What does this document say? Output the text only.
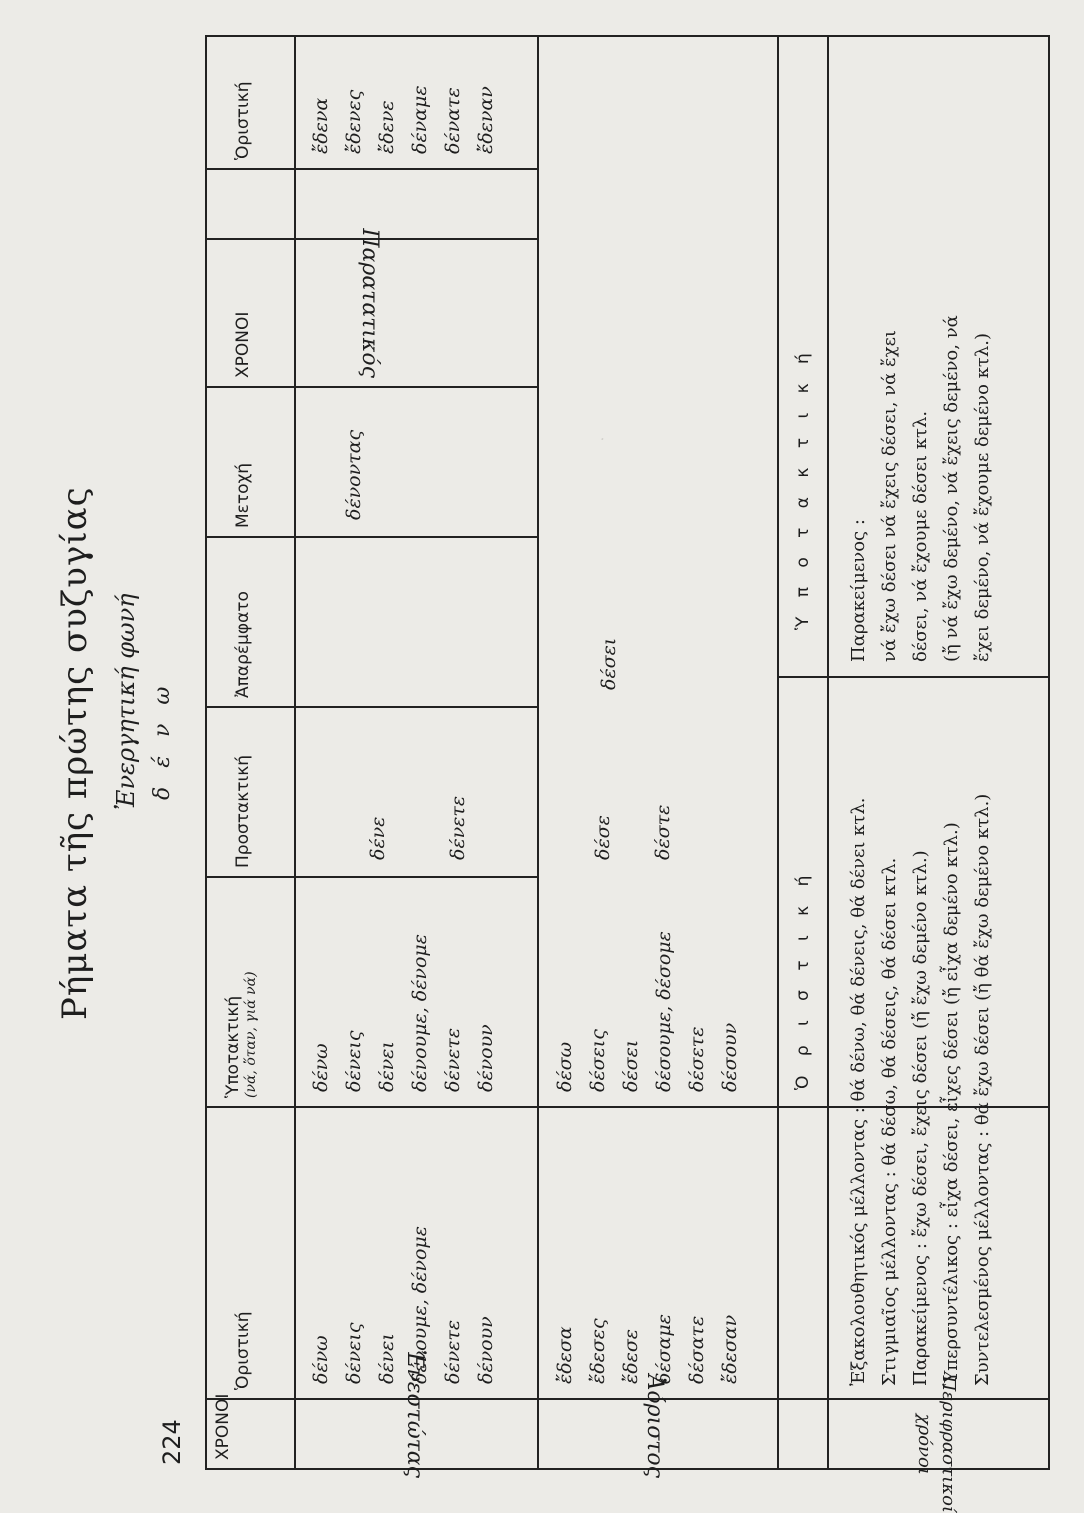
·
224
Ρήματα τῆς πρώτης συζυγίας Ἐνεργητική φωνή δ έ ν ω
ΧΡΟΝΟΙ
Ὁριστική
Ὑποτακτική (νά, ὅταν, γιά νά)
Προστακτική
Ἀπαρέμφατο
Μετοχή
ΧΡΟΝΟΙ
Ὁριστική
Ἐνεστώτας
δένω δένεις δένει δένουμε, δένομε δένετε δένουν
δένω δένεις δένει δένουμε, δένομε δένετε δένουν
δένε	δένετε
δένοντας
Παρατατικός
ἔδενα ἔδενες ἔδενε δέναμε δένατε ἔδεναν
Ἀόριστος
ἔδεσα ἔδεσες ἔδεσε δέσαμε δέσατε ἔδεσαν
δέσω δέσεις δέσει δέσουμε, δέσομε δέσετε δέσουν
δέσε	δέστε
δέσει
Περιφραστικοί
χρόνοι
Ὁ ρ ι σ τ ι κ ή
Ὑ π ο τ α κ τ ι κ ή
Ἐξακολουθητικός μέλλοντας : θά δένω, θά δένεις, θά δένει κτλ. Στιγμιαῖος μέλλοντας : θά δέσω, θά δέσεις, θά δέσει κτλ. Παρακείμενος : ἔχω δέσει, ἔχεις δέσει (ἤ ἔχω δεμένο κτλ.) Ὑπερσυντέλικος : εἶχα δέσει, εἶχες δέσει (ἤ εἶχα δεμένο κτλ.) Συντελεσμένος μέλλοντας : θά ἔχω δέσει (ἤ θά ἔχω δεμένο κτλ.)
Παρακείμενος : νά ἔχω δέσει νά ἔχεις δέσει, νά ἔχει δέσει, νά ἔχουμε δέσει κτλ. (ἤ νά ἔχω δεμένο, νά ἔχεις δεμένο, νά ἔχει δεμένο, νά ἔχουμε δεμένο κτλ.)
